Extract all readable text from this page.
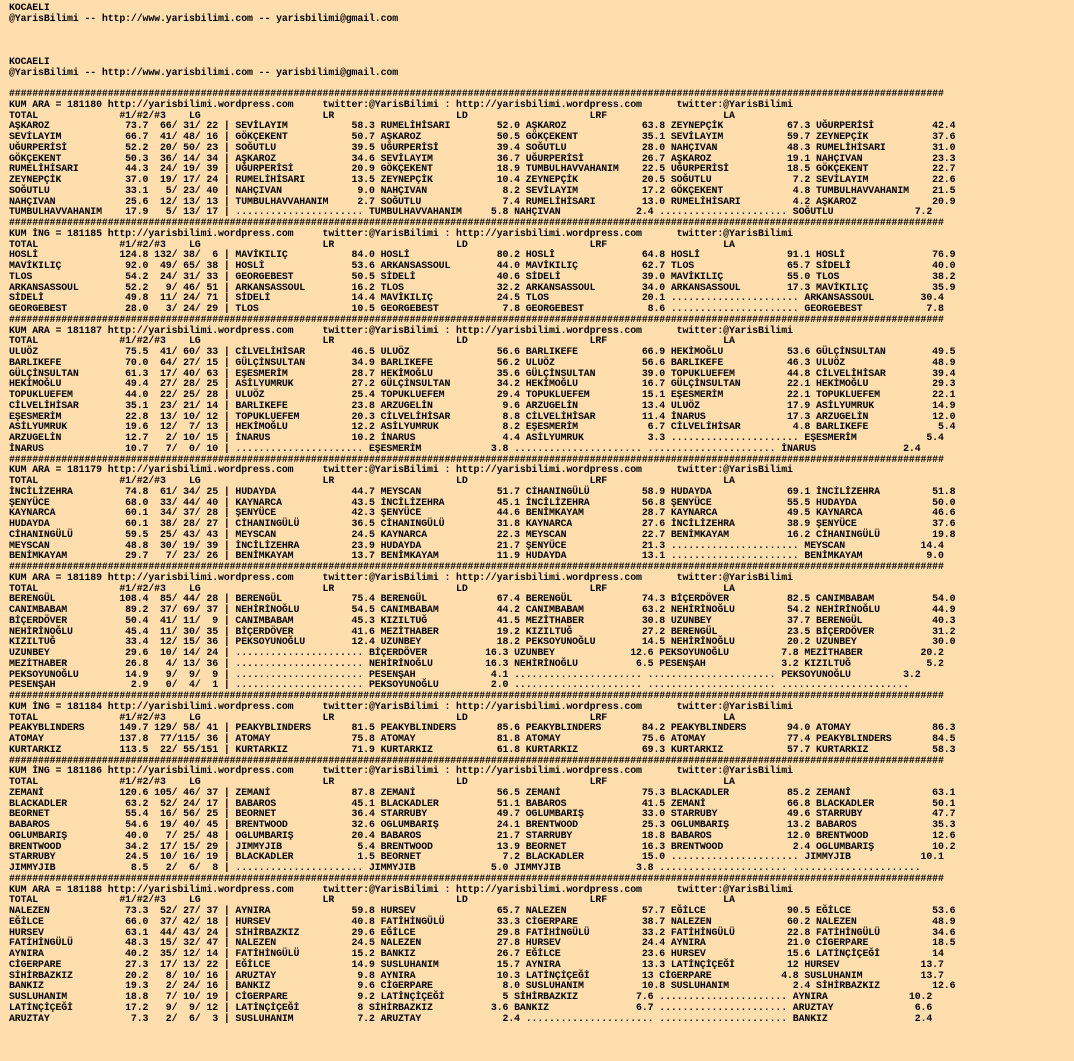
KOCAELI
@YarisBilimi -- http://www.yarisbilimi.com -- yarisbilimi@gmail.com
KOCAELI
@YarisBilimi -- http://www.yarisbilimi.com -- yarisbilimi@gmail.com
#################################################################################################################################################################
KUM ARA = 181180 http://yarisbilimi.wordpress.com     twitter:@YarisBilimi : http://yarisbilimi.wordpress.com      twitter:@YarisBilimi
TOTAL              #1/#2/#3    LG                     LR                     LD                     LRF                    LA
AŞKAROZ             73.7  66/ 31/ 22 | SEVİLAYIM           58.3 RUMELİHİSARI        52.0 AŞKAROZ             63.8 ZEYNEPÇİK           67.3 UĞURPERİSİ          42.4
SEVİLAYIM           66.7  41/ 48/ 16 | GÖKÇEKENT           50.7 AŞKAROZ             50.5 GÖKÇEKENT           35.1 SEVİLAYIM           59.7 ZEYNEPÇİK           37.6
UĞURPERİSİ          52.2  20/ 50/ 23 | SOĞUTLU             39.5 UĞURPERİSİ          39.4 SOĞUTLU             28.0 NAHÇIVAN            48.3 RUMELİHİSARI        31.0
GÖKÇEKENT           50.3  36/ 14/ 34 | AŞKAROZ             34.6 SEVİLAYIM           36.7 UĞURPERİSİ          26.7 AŞKAROZ             19.1 NAHÇIVAN            23.3
RUMELİHİSARI        44.3  24/ 19/ 39 | UĞURPERİSİ          20.9 GÖKÇEKENT           18.9 TUMBULHAVVAHANIM    22.5 UĞURPERİSİ          18.5 GÖKÇEKENT           22.7
ZEYNEPÇİK           37.0  19/ 17/ 24 | RUMELİHİSARI        13.5 ZEYNEPÇİK           10.4 ZEYNEPÇİK           20.5 SOĞUTLU              7.2 SEVİLAYIM           22.6
SOĞUTLU             33.1   5/ 23/ 40 | NAHÇIVAN             9.0 NAHÇIVAN             8.2 SEVİLAYIM           17.2 GÖKÇEKENT            4.8 TUMBULHAVVAHANIM    21.5
NAHÇIVAN            25.6  12/ 13/ 13 | TUMBULHAVVAHANIM     2.7 SOĞUTLU              7.4 RUMELİHİSARI        13.0 RUMELİHİSARI         4.2 AŞKAROZ             20.9
TUMBULHAVVAHANIM    17.9   5/ 13/ 17 | ...................... TUMBULHAVVAHANIM     5.8 NAHÇIVAN             2.4 ...................... SOĞUTLU              7.2
#################################################################################################################################################################
KUM İNG = 181185 http://yarisbilimi.wordpress.com     twitter:@YarisBilimi : http://yarisbilimi.wordpress.com      twitter:@YarisBilimi
TOTAL              #1/#2/#3    LG                     LR                     LD                     LRF                    LA
HOSLİ              124.8 132/ 38/  6 | MAVİKILIÇ           84.0 HOSLİ               80.2 HOSLİ               64.8 HOSLİ               91.1 HOSLİ               76.9
MAVİKILIÇ           92.0  49/ 65/ 38 | HOSLİ               53.6 ARKANSASSOUL        44.0 MAVİKILIÇ           62.7 TLOS                65.7 SİDELİ              40.0
TLOS                54.2  24/ 31/ 33 | GEORGEBEST          50.5 SİDELİ              40.6 SİDELİ              39.0 MAVİKILIÇ           55.0 TLOS                38.2
ARKANSASSOUL        52.2   9/ 46/ 51 | ARKANSASSOUL        16.2 TLOS                32.2 ARKANSASSOUL        34.0 ARKANSASSOUL        17.3 MAVİKILIÇ           35.9
SİDELİ              49.8  11/ 24/ 71 | SİDELİ              14.4 MAVİKILIÇ           24.5 TLOS                20.1 ...................... ARKANSASSOUL        30.4
GEORGEBEST          28.0   3/ 24/ 29 | TLOS                10.5 GEORGEBEST           7.8 GEORGEBEST           8.6 ...................... GEORGEBEST           7.8
#################################################################################################################################################################
KUM ARA = 181187 http://yarisbilimi.wordpress.com     twitter:@YarisBilimi : http://yarisbilimi.wordpress.com      twitter:@YarisBilimi
TOTAL              #1/#2/#3    LG                     LR                     LD                     LRF                    LA
ULUÖZ               75.5  41/ 60/ 33 | CİLVELİHİSAR        46.5 ULUÖZ               56.6 BARLIKEFE           66.9 HEKİMOĞLU           53.6 GÜLÇİNSULTAN        49.5
BARLIKEFE           70.0  64/ 27/ 15 | GÜLÇİNSULTAN        34.9 BARLIKEFE           56.2 ULUÖZ               56.6 BARLIKEFE           46.3 ULUÖZ               48.9
GÜLÇİNSULTAN        61.3  17/ 40/ 63 | EŞESMERİM           28.7 HEKİMOĞLU           35.6 GÜLÇİNSULTAN        39.0 TOPUKLUEFEM         44.8 CİLVELİHİSAR        39.4
HEKİMOĞLU           49.4  27/ 28/ 25 | ASİLYUMRUK          27.2 GÜLÇİNSULTAN        34.2 HEKİMOĞLU           16.7 GÜLÇİNSULTAN        22.1 HEKİMOĞLU           29.3
TOPUKLUEFEM         44.0  22/ 25/ 28 | ULUÖZ               25.4 TOPUKLUEFEM         29.4 TOPUKLUEFEM         15.1 EŞESMERİM           22.1 TOPUKLUEFEM         22.1
CİLVELİHİSAR        35.1  23/ 21/ 14 | BARLIKEFE           23.8 ARZUGELİN            9.6 ARZUGELİN           13.4 ULUÖZ               17.9 ASİLYUMRUK          14.9
EŞESMERİM           22.8  13/ 10/ 12 | TOPUKLUEFEM         20.3 CİLVELİHİSAR         8.8 CİLVELİHİSAR        11.4 İNARUS              17.3 ARZUGELİN           12.0
ASİLYUMRUK          19.6  12/  7/ 13 | HEKİMOĞLU           12.2 ASİLYUMRUK           8.2 EŞESMERİM            6.7 CİLVELİHİSAR         4.8 BARLIKEFE            5.4
ARZUGELİN           12.7   2/ 10/ 15 | İNARUS              10.2 İNARUS               4.4 ASİLYUMRUK           3.3 ...................... EŞESMERİM            5.4
İNARUS              10.7   7/  0/ 10 | ...................... EŞESMERİM            3.8 ...................... ...................... İNARUS               2.4
#################################################################################################################################################################
KUM ARA = 181179 http://yarisbilimi.wordpress.com     twitter:@YarisBilimi : http://yarisbilimi.wordpress.com      twitter:@YarisBilimi
TOTAL              #1/#2/#3    LG                     LR                     LD                     LRF                    LA
İNCİLİZEHRA         74.8  61/ 34/ 25 | HUDAYDA             44.7 MEYSCAN             51.7 CİHANINGÜLÜ         58.9 HUDAYDA             69.1 İNCİLİZEHRA         51.8
ŞENYÜCE             68.0  33/ 44/ 40 | KAYNARCA            43.5 İNCİLİZEHRA         45.1 İNCİLİZEHRA         56.8 ŞENYÜCE             55.5 HUDAYDA             50.0
KAYNARCA            60.1  34/ 37/ 28 | ŞENYÜCE             42.3 ŞENYÜCE             44.6 BENİMKAYAM          28.7 KAYNARCA            49.5 KAYNARCA            46.6
HUDAYDA             60.1  38/ 28/ 27 | CİHANINGÜLÜ         36.5 CİHANINGÜLÜ         31.8 KAYNARCA            27.6 İNCİLİZEHRA         38.9 ŞENYÜCE             37.6
CİHANINGÜLÜ         59.5  25/ 43/ 43 | MEYSCAN             24.5 KAYNARCA            22.3 MEYSCAN             22.7 BENİMKAYAM          16.2 CİHANINGÜLÜ         19.8
MEYSCAN             48.8  30/ 19/ 39 | İNCİLİZEHRA         23.9 HUDAYDA             21.7 ŞENYÜCE             21.3 ...................... MEYSCAN             14.4
BENİMKAYAM          29.7   7/ 23/ 26 | BENİMKAYAM          13.7 BENİMKAYAM          11.9 HUDAYDA             13.1 ...................... BENİMKAYAM           9.0
#################################################################################################################################################################
KUM ARA = 181189 http://yarisbilimi.wordpress.com     twitter:@YarisBilimi : http://yarisbilimi.wordpress.com      twitter:@YarisBilimi
TOTAL              #1/#2/#3    LG                     LR                     LD                     LRF                    LA
BERENGÜL           108.4  85/ 44/ 28 | BERENGÜL            75.4 BERENGÜL            67.4 BERENGÜL            74.3 BİÇERDÖVER          82.5 CANIMBABAM          54.0
CANIMBABAM          89.2  37/ 69/ 37 | NEHİRİNOĞLU         54.5 CANIMBABAM          44.2 CANIMBABAM          63.2 NEHİRİNOĞLU         54.2 NEHİRİNOĞLU         44.9
BİÇERDÖVER          50.4  41/ 11/  9 | CANIMBABAM          45.3 KIZILTUĞ            41.5 MEZİTHABER          30.8 UZUNBEY             37.7 BERENGÜL            40.3
NEHİRİNOĞLU         45.4  11/ 30/ 35 | BİÇERDÖVER          41.6 MEZİTHABER          19.2 KIZILTUĞ            27.2 BERENGÜL            23.5 BİÇERDÖVER          31.2
KIZILTUĞ            33.4  12/ 15/ 36 | PEKSOYUNOĞLU        12.4 UZUNBEY             18.2 PEKSOYUNOĞLU        14.5 NEHİRİNOĞLU         20.2 UZUNBEY             30.0
UZUNBEY             29.6  10/ 14/ 24 | ...................... BİÇERDÖVER          16.3 UZUNBEY             12.6 PEKSOYUNOĞLU         7.8 MEZİTHABER          20.2
MEZİTHABER          26.8   4/ 13/ 36 | ...................... NEHİRİNOĞLU         16.3 NEHİRİNOĞLU          6.5 PESENŞAH             3.2 KIZILTUĞ             5.2
PEKSOYUNOĞLU        14.9   9/  9/  9 | ...................... PESENŞAH             4.1 ...................... ...................... PEKSOYUNOĞLU         3.2
PESENŞAH             2.9   0/  4/  1 | ...................... PEKSOYUNOĞLU         2.0 ...................... ...................... ......................
#################################################################################################################################################################
KUM İNG = 181184 http://yarisbilimi.wordpress.com     twitter:@YarisBilimi : http://yarisbilimi.wordpress.com      twitter:@YarisBilimi
TOTAL              #1/#2/#3    LG                     LR                     LD                     LRF                    LA
PEAKYBLINDERS      149.7 129/ 58/ 41 | PEAKYBLINDERS       81.5 PEAKYBLINDERS       85.6 PEAKYBLINDERS       84.2 PEAKYBLINDERS       94.0 ATOMAY              86.3
ATOMAY             137.8  77/115/ 36 | ATOMAY              75.8 ATOMAY              81.8 ATOMAY              75.6 ATOMAY              77.4 PEAKYBLINDERS       84.5
KURTARKIZ          113.5  22/ 55/151 | KURTARKIZ           71.9 KURTARKIZ           61.8 KURTARKIZ           69.3 KURTARKIZ           57.7 KURTARKIZ           58.3
#################################################################################################################################################################
KUM İNG = 181186 http://yarisbilimi.wordpress.com     twitter:@YarisBilimi : http://yarisbilimi.wordpress.com      twitter:@YarisBilimi
TOTAL              #1/#2/#3    LG                     LR                     LD                     LRF                    LA
ZEMANİ             120.6 105/ 46/ 37 | ZEMANİ              87.8 ZEMANİ              56.5 ZEMANİ              75.3 BLACKADLER          85.2 ZEMANİ              63.1
BLACKADLER          63.2  52/ 24/ 17 | BABAROS             45.1 BLACKADLER          51.1 BABAROS             41.5 ZEMANİ              66.8 BLACKADLER          50.1
BEORNET             55.4  16/ 56/ 25 | BEORNET             36.4 STARRUBY            49.7 OGLUMBARIŞ          33.0 STARRUBY            49.6 STARRUBY            47.7
BABAROS             54.6  19/ 40/ 45 | BRENTWOOD           32.6 OGLUMBARIŞ          24.1 BRENTWOOD           25.3 OGLUMBARIŞ          13.2 BABAROS             35.3
OGLUMBARIŞ          40.0   7/ 25/ 48 | OGLUMBARIŞ          20.4 BABAROS             21.7 STARRUBY            18.8 BABAROS             12.0 BRENTWOOD           12.6
BRENTWOOD           34.2  17/ 15/ 29 | JIMMYJIB             5.4 BRENTWOOD           13.9 BEORNET             16.3 BRENTWOOD            2.4 OGLUMBARIŞ          10.2
STARRUBY            24.5  10/ 16/ 19 | BLACKADLER           1.5 BEORNET              7.2 BLACKADLER          15.0 ...................... JIMMYJIB            10.1
JIMMYJIB             8.5   2/  6/  8 | ...................... JIMMYJIB             5.0 JIMMYJIB             3.8 ...................... ......................
#################################################################################################################################################################
KUM ARA = 181188 http://yarisbilimi.wordpress.com     twitter:@YarisBilimi : http://yarisbilimi.wordpress.com      twitter:@YarisBilimi
TOTAL              #1/#2/#3    LG                     LR                     LD                     LRF                    LA
NALEZEN             73.3  52/ 27/ 37 | AYNIRA              59.8 HURSEV              65.7 NALEZEN             57.7 EĞİLCE              90.5 EĞİLCE              53.6
EĞİLCE              66.0  37/ 42/ 18 | HURSEV              40.8 FATİHİNGÜLÜ         33.3 CİGERPARE           38.7 NALEZEN             60.2 NALEZEN             48.9
HURSEV              63.1  44/ 43/ 24 | SİHİRBAZKIZ         29.6 EĞİLCE              29.8 FATİHİNGÜLÜ         33.2 FATİHİNGÜLÜ         22.8 FATİHİNGÜLÜ         34.6
FATİHİNGÜLÜ         48.3  15/ 32/ 47 | NALEZEN             24.5 NALEZEN             27.8 HURSEV              24.4 AYNIRA              21.0 CİGERPARE           18.5
AYNIRA              40.2  35/ 12/ 14 | FATİHİNGÜLÜ         15.2 BANKIZ              26.7 EĞİLCE              23.6 HURSEV              15.6 LATİNÇİÇEĞİ         14
CİGERPARE           27.3  17/ 13/ 22 | EĞİLCE              14.9 SUSLUHANIM          15.7 AYNIRA              13.3 LATİNÇİÇEĞİ         12 HURSEV              13.7
SİHİRBAZKIZ         20.2   8/ 10/ 16 | ARUZTAY              9.8 AYNIRA              10.3 LATİNÇİÇEĞİ         13 CİGERPARE            4.8 SUSLUHANIM          13.7
BANKIZ              19.3   2/ 24/ 16 | BANKIZ               9.6 CİGERPARE            8.0 SUSLUHANIM          10.8 SUSLUHANIM           2.4 SİHİRBAZKIZ         12.6
SUSLUHANIM          18.8   7/ 10/ 19 | CİGERPARE            9.2 LATİNÇİÇEĞİ          5 SİHİRBAZKIZ          7.6 ...................... AYNIRA              10.2
LATİNÇİÇEĞİ         17.2   9/  9/ 12 | LATİNÇİÇEĞİ          8 SİHİRBAZKIZ          3.6 BANKIZ               6.7 ...................... ARUZTAY              6.6
ARUZTAY              7.3   2/  6/  3 | SUSLUHANIM           7.2 ARUZTAY              2.4 ...................... ...................... BANKIZ               2.4
